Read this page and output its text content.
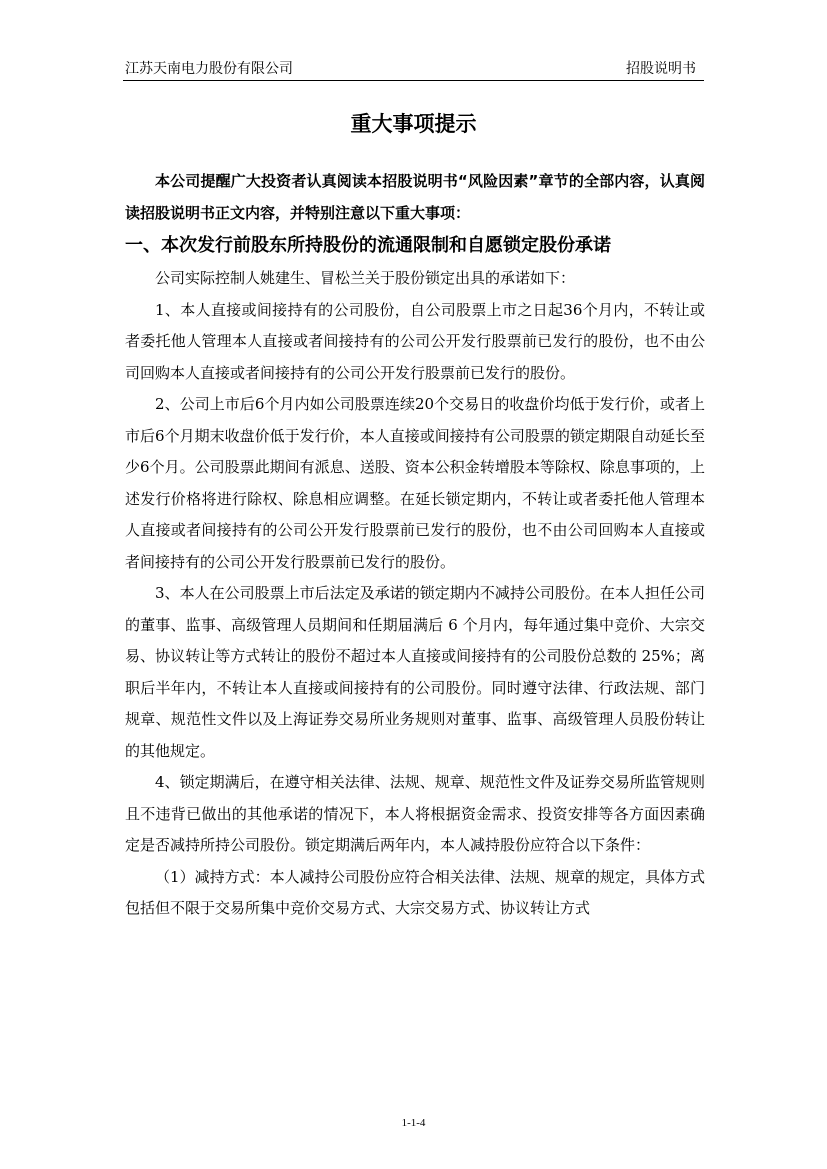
江苏天南电力股份有限公司	招股说明书
重大事项提示

本公司提醒广大投资者认真阅读本招股说明书“风险因素”章节的全部内容，认真阅读招股说明书正文内容，并特别注意以下重大事项：

一、本次发行前股东所持股份的流通限制和自愿锁定股份承诺

公司实际控制人姚建生、冒松兰关于股份锁定出具的承诺如下：

1、本人直接或间接持有的公司股份，自公司股票上市之日起36个月内，不转让或者委托他人管理本人直接或者间接持有的公司公开发行股票前已发行的股份，也不由公司回购本人直接或者间接持有的公司公开发行股票前已发行的股份。

2、公司上市后6个月内如公司股票连续20个交易日的收盘价均低于发行价，或者上市后6个月期末收盘价低于发行价，本人直接或间接持有公司股票的锁定期限自动延长至少6个月。公司股票此期间有派息、送股、资本公积金转增股本等除权、除息事项的，上述发行价格将进行除权、除息相应调整。在延长锁定期内，不转让或者委托他人管理本人直接或者间接持有的公司公开发行股票前已发行的股份，也不由公司回购本人直接或者间接持有的公司公开发行股票前已发行的股份。

3、本人在公司股票上市后法定及承诺的锁定期内不减持公司股份。在本人担任公司的董事、监事、高级管理人员期间和任期届满后 6 个月内，每年通过集中竞价、大宗交易、协议转让等方式转让的股份不超过本人直接或间接持有的公司股份总数的 25%；离职后半年内，不转让本人直接或间接持有的公司股份。同时遵守法律、行政法规、部门规章、规范性文件以及上海证券交易所业务规则对董事、监事、高级管理人员股份转让的其他规定。

4、锁定期满后，在遵守相关法律、法规、规章、规范性文件及证券交易所监管规则且不违背已做出的其他承诺的情况下，本人将根据资金需求、投资安排等各方面因素确定是否减持所持公司股份。锁定期满后两年内，本人减持股份应符合以下条件：

（1）减持方式：本人减持公司股份应符合相关法律、法规、规章的规定，具体方式包括但不限于交易所集中竞价交易方式、大宗交易方式、协议转让方式

1-1-4
